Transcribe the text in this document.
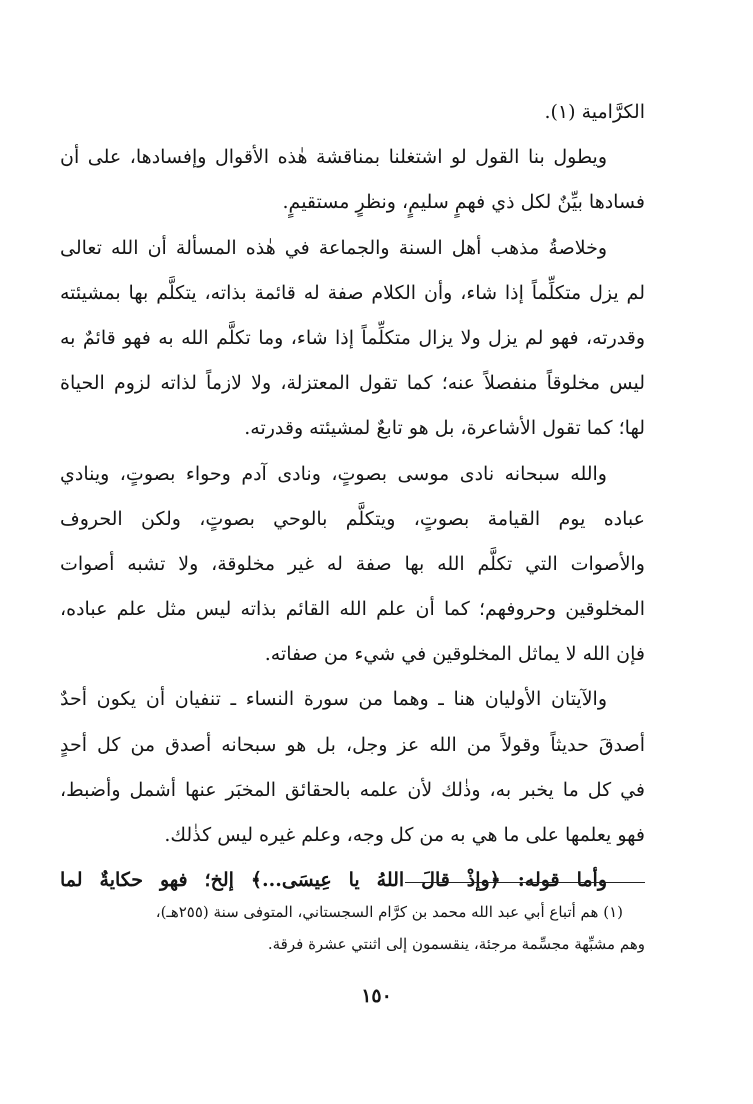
الكرَّامية (١).
ويطول بنا القول لو اشتغلنا بمناقشة هٰذه الأقوال وإفسادها، على أن
فسادها بيِّنٌ لكل ذي فهمٍ سليمٍ، ونظرٍ مستقيمٍ.
وخلاصةُ مذهب أهل السنة والجماعة في هٰذه المسألة أن الله تعالى
لم يزل متكلِّماً إذا شاء، وأن الكلام صفة له قائمة بذاته، يتكلَّم بها بمشيئته
وقدرته، فهو لم يزل ولا يزال متكلِّماً إذا شاء، وما تكلَّم الله به فهو قائمٌ به
ليس مخلوقاً منفصلاً عنه؛ كما تقول المعتزلة، ولا لازماً لذاته لزوم الحياة
لها؛ كما تقول الأشاعرة، بل هو تابعٌ لمشيئته وقدرته.
والله سبحانه نادى موسى بصوتٍ، ونادى آدم وحواء بصوتٍ، وينادي
عباده يوم القيامة بصوتٍ، ويتكلَّم بالوحي بصوتٍ، ولكن الحروف
والأصوات التي تكلَّم الله بها صفة له غير مخلوقة، ولا تشبه أصوات
المخلوقين وحروفهم؛ كما أن علم الله القائم بذاته ليس مثل علم عباده،
فإن الله لا يماثل المخلوقين في شيء من صفاته.
والآيتان الأوليان هنا ـ وهما من سورة النساء ـ تنفيان أن يكون أحدٌ
أصدقَ حديثاً وقولاً من الله عز وجل، بل هو سبحانه أصدق من كل أحدٍ
في كل ما يخبر به، وذٰلك لأن علمه بالحقائق المخبَر عنها أشمل وأضبط،
فهو يعلمها على ما هي به من كل وجه، وعلم غيره ليس كذٰلك.
وأما قوله: ﴿وإذْ قالَ اللهُ يا عِيسَى...﴾ إلخ؛ فهو حكايةٌ لما
(١) هم أتباع أبي عبد الله محمد بن كرَّام السجستاني، المتوفى سنة (٢٥٥هـ)،
وهم مشبِّهة مجسِّمة مرجئة، ينقسمون إلى اثنتي عشرة فرقة.
١٥٠
